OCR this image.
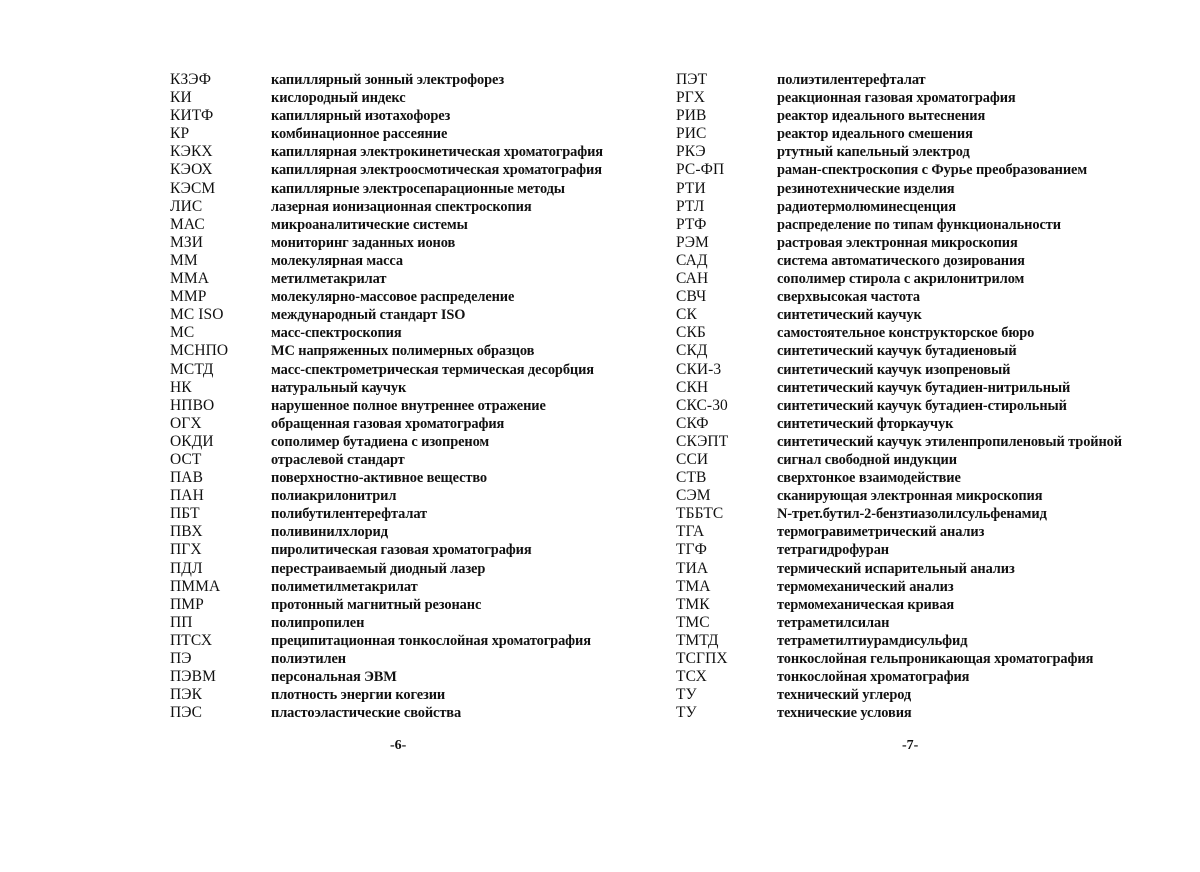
КЗЭФ	капиллярный зонный электрофорез
КИ	кислородный индекс
КИТФ	капиллярный изотахофорез
КР	комбинационное рассеяние
КЭКХ	капиллярная электрокинетическая хроматография
КЭОХ	капиллярная электроосмотическая хроматография
КЭСМ	капиллярные электросепарационные методы
ЛИС	лазерная ионизационная спектроскопия
МАС	микроаналитические системы
МЗИ	мониторинг заданных ионов
ММ	молекулярная масса
ММА	метилметакрилат
ММР	молекулярно-массовое распределение
МС ISO	международный стандарт ISO
МС	масс-спектроскопия
МСНПО	МС напряженных полимерных образцов
МСТД	масс-спектрометрическая термическая десорбция
НК	натуральный каучук
НПВО	нарушенное полное внутреннее отражение
ОГХ	обращенная газовая хроматография
ОКДИ	сополимер бутадиена с изопреном
ОСТ	отраслевой стандарт
ПАВ	поверхностно-активное вещество
ПАН	полиакрилонитрил
ПБТ	полибутилентерефталат
ПВХ	поливинилхлорид
ПГХ	пиролитическая газовая хроматография
ПДЛ	перестраиваемый диодный лазер
ПММА	полиметилметакрилат
ПМР	протонный магнитный резонанс
ПП	полипропилен
ПТСХ	преципитационная тонкослойная хроматография
ПЭ	полиэтилен
ПЭВМ	персональная ЭВМ
ПЭК	плотность энергии когезии
ПЭС	пластоэластические свойства
ПЭТ	полиэтилентерефталат
РГХ	реакционная газовая хроматография
РИВ	реактор идеального вытеснения
РИС	реактор идеального смешения
РКЭ	ртутный капельный электрод
РС-ФП	раман-спектроскопия с Фурье преобразованием
РТИ	резинотехнические изделия
РТЛ	радиотермолюминесценция
РТФ	распределение по типам функциональности
РЭМ	растровая электронная микроскопия
САД	система автоматического дозирования
САН	сополимер стирола с акрилонитрилом
СВЧ	сверхвысокая частота
СК	синтетический каучук
СКБ	самостоятельное конструкторское бюро
СКД	синтетический каучук бутадиеновый
СКИ-3	синтетический каучук изопреновый
СКН	синтетический каучук бутадиен-нитрильный
СКС-30	синтетический каучук бутадиен-стирольный
СКФ	синтетический фторкаучук
СКЭПТ	синтетический каучук этиленпропиленовый тройной
ССИ	сигнал свободной индукции
СТВ	сверхтонкое взаимодействие
СЭМ	сканирующая электронная микроскопия
ТББТС	N-трет.бутил-2-бензтиазолилсульфенамид
ТГА	термогравиметрический анализ
ТГФ	тетрагидрофуран
ТИА	термический испарительный анализ
ТМА	термомеханический анализ
ТМК	термомеханическая кривая
ТМС	тетраметилсилан
ТМТД	тетраметилтиурамдисульфид
ТСГПХ	тонкослойная гельпроникающая хроматография
ТСХ	тонкослойная хроматография
ТУ	технический углерод
ТУ	технические условия
-6-	-7-
